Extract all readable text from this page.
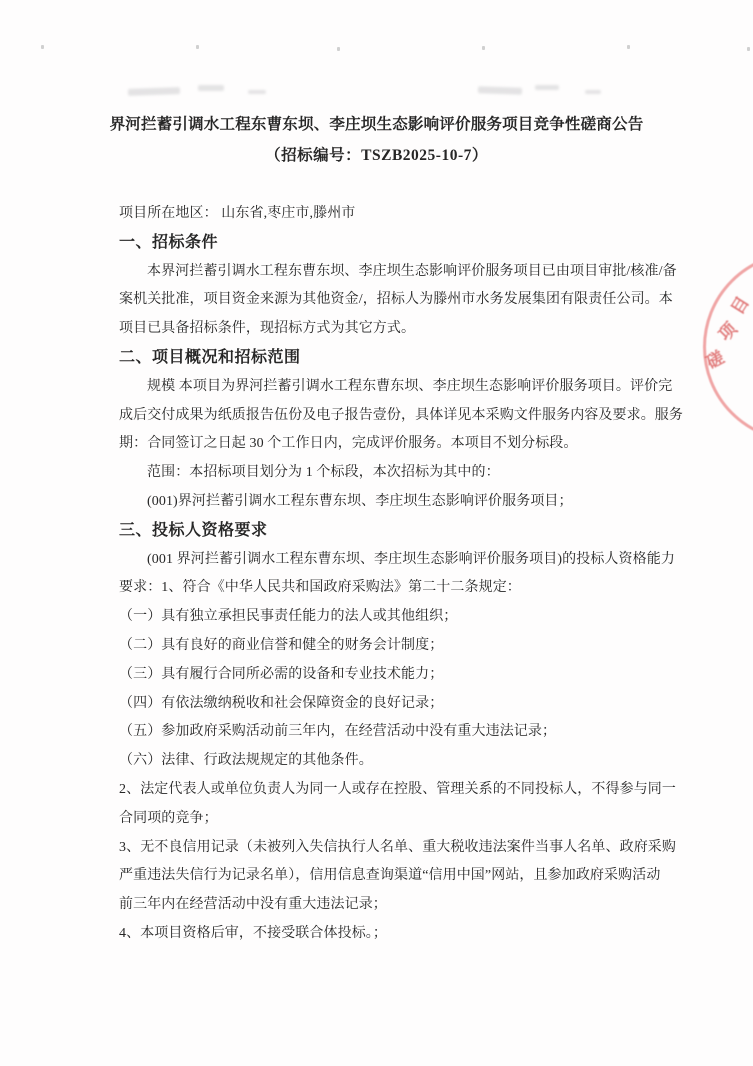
界河拦蓄引调水工程东曹东坝、李庄坝生态影响评价服务项目竞争性磋商公告
（招标编号：TSZB2025-10-7）
项目所在地区： 山东省,枣庄市,滕州市
一、招标条件
本界河拦蓄引调水工程东曹东坝、李庄坝生态影响评价服务项目已由项目审批/核准/备
案机关批准，项目资金来源为其他资金/，招标人为滕州市水务发展集团有限责任公司。本
项目已具备招标条件，现招标方式为其它方式。
二、项目概况和招标范围
规模 本项目为界河拦蓄引调水工程东曹东坝、李庄坝生态影响评价服务项目。评价完
成后交付成果为纸质报告伍份及电子报告壹份，具体详见本采购文件服务内容及要求。服务
期：合同签订之日起 30 个工作日内，完成评价服务。本项目不划分标段。
范围：本招标项目划分为 1 个标段，本次招标为其中的：
(001)界河拦蓄引调水工程东曹东坝、李庄坝生态影响评价服务项目；
三、投标人资格要求
(001 界河拦蓄引调水工程东曹东坝、李庄坝生态影响评价服务项目)的投标人资格能力
要求：1、符合《中华人民共和国政府采购法》第二十二条规定：
（一）具有独立承担民事责任能力的法人或其他组织；
（二）具有良好的商业信誉和健全的财务会计制度；
（三）具有履行合同所必需的设备和专业技术能力；
（四）有依法缴纳税收和社会保障资金的良好记录；
（五）参加政府采购活动前三年内，在经营活动中没有重大违法记录；
（六）法律、行政法规规定的其他条件。
2、法定代表人或单位负责人为同一人或存在控股、管理关系的不同投标人，不得参与同一
合同项的竞争；
3、无不良信用记录（未被列入失信执行人名单、重大税收违法案件当事人名单、政府采购
严重违法失信行为记录名单），信用信息查询渠道“信用中国”网站，且参加政府采购活动
前三年内在经营活动中没有重大违法记录；
4、本项目资格后审，不接受联合体投标。；
目
项
磋
